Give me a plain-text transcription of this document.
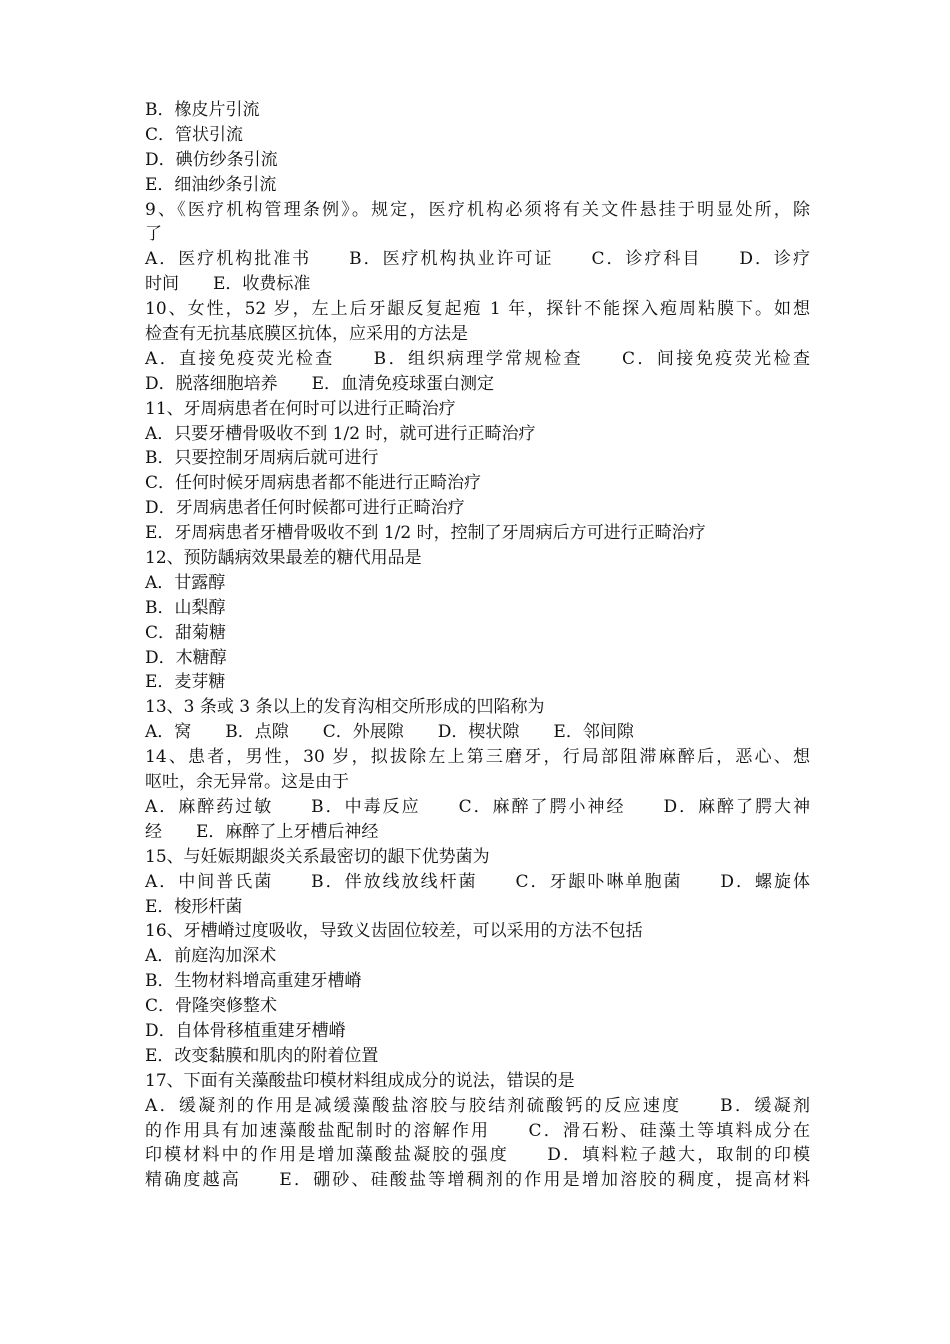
B．橡皮片引流
C．管状引流
D．碘仿纱条引流
E．细油纱条引流
9、《医疗机构管理条例》。规定，医疗机构必须将有关文件悬挂于明显处所，除
了
A．医疗机构批准书　　B．医疗机构执业许可证　　C．诊疗科目　　D．诊疗
时间　　E．收费标准
10、女性，52 岁，左上后牙龈反复起疱 1 年，探针不能探入疱周粘膜下。如想
检查有无抗基底膜区抗体，应采用的方法是
A．直接免疫荧光检查　　B．组织病理学常规检查　　C．间接免疫荧光检查
D．脱落细胞培养　　E．血清免疫球蛋白测定
11、牙周病患者在何时可以进行正畸治疗
A．只要牙槽骨吸收不到 1/2 时，就可进行正畸治疗
B．只要控制牙周病后就可进行
C．任何时候牙周病患者都不能进行正畸治疗
D．牙周病患者任何时候都可进行正畸治疗
E．牙周病患者牙槽骨吸收不到 1/2 时，控制了牙周病后方可进行正畸治疗
12、预防龋病效果最差的糖代用品是
A．甘露醇
B．山梨醇
C．甜菊糖
D．木糖醇
E．麦芽糖
13、3 条或 3 条以上的发育沟相交所形成的凹陷称为
A．窝　　B．点隙　　C．外展隙　　D．楔状隙　　E．邻间隙
14、患者，男性，30 岁，拟拔除左上第三磨牙，行局部阻滞麻醉后，恶心、想
呕吐，余无异常。这是由于
A．麻醉药过敏　　B．中毒反应　　C．麻醉了腭小神经　　D．麻醉了腭大神
经　　E．麻醉了上牙槽后神经
15、与妊娠期龈炎关系最密切的龈下优势菌为
A．中间普氏菌　　B．伴放线放线杆菌　　C．牙龈卟啉单胞菌　　D．螺旋体
E．梭形杆菌
16、牙槽嵴过度吸收，导致义齿固位较差，可以采用的方法不包括
A．前庭沟加深术
B．生物材料增高重建牙槽嵴
C．骨隆突修整术
D．自体骨移植重建牙槽嵴
E．改变黏膜和肌肉的附着位置
17、下面有关藻酸盐印模材料组成成分的说法，错误的是
A．缓凝剂的作用是减缓藻酸盐溶胶与胶结剂硫酸钙的反应速度　　B．缓凝剂
的作用具有加速藻酸盐配制时的溶解作用　　C．滑石粉、硅藻土等填料成分在
印模材料中的作用是增加藻酸盐凝胶的强度　　D．填料粒子越大，取制的印模
精确度越高　　E．硼砂、硅酸盐等增稠剂的作用是增加溶胶的稠度，提高材料
